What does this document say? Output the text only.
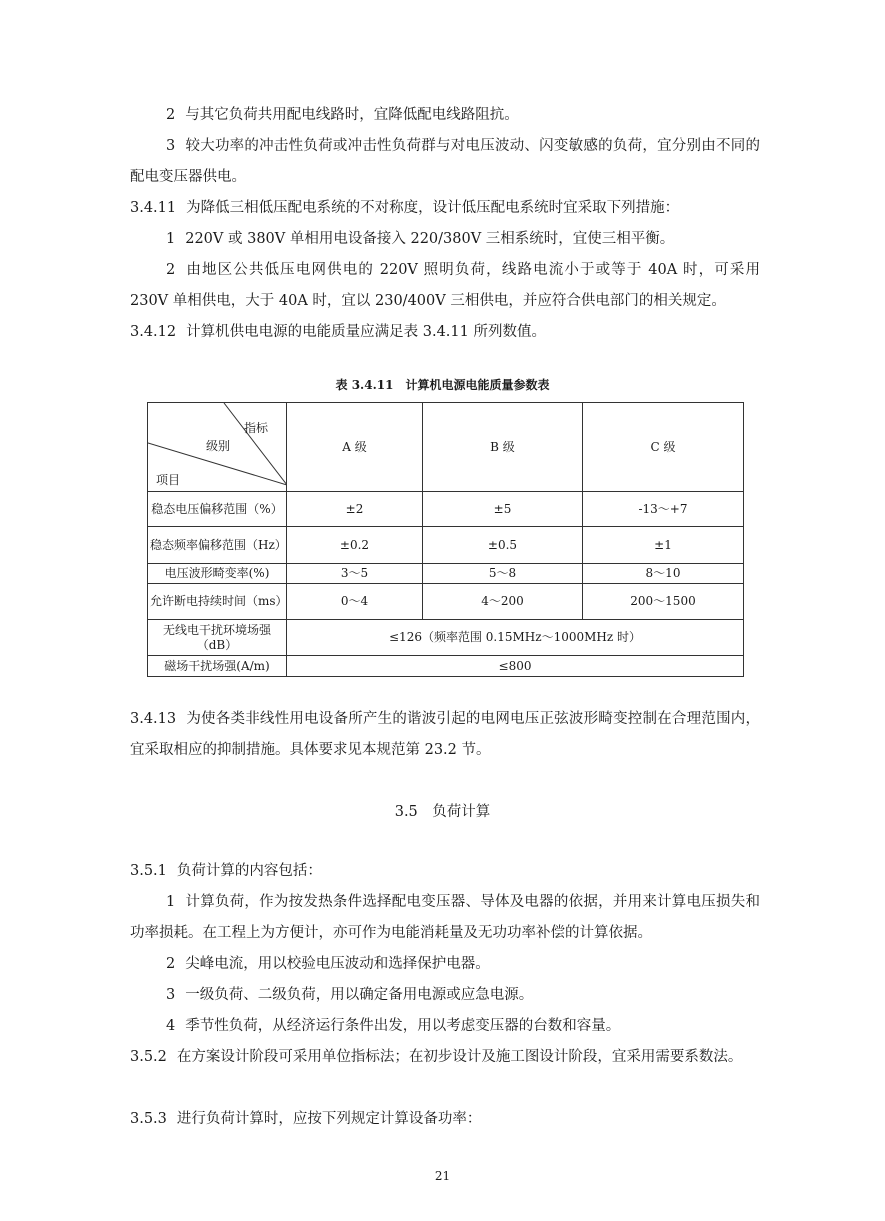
2 与其它负荷共用配电线路时，宜降低配电线路阻抗。

3 较大功率的冲击性负荷或冲击性负荷群与对电压波动、闪变敏感的负荷，宜分别由不同的配电变压器供电。

3.4.11 为降低三相低压配电系统的不对称度，设计低压配电系统时宜采取下列措施：

1 220V 或 380V 单相用电设备接入 220/380V 三相系统时，宜使三相平衡。

2 由地区公共低压电网供电的 220V 照明负荷，线路电流小于或等于 40A 时，可采用 230V 单相供电，大于 40A 时，宜以 230/400V 三相供电，并应符合供电部门的相关规定。

3.4.12 计算机供电电源的电能质量应满足表 3.4.11 所列数值。

表 3.4.11　计算机电源电能质量参数表
指标
级别
项目	A 级	B 级	C 级
稳态电压偏移范围（%）	±2	±5	-13～+7
稳态频率偏移范围（Hz）	±0.2	±0.5	±1
电压波形畸变率(%)	3～5	5～8	8～10
允许断电持续时间（ms）	0～4	4～200	200～1500
无线电干扰环境场强（dB）	≤126（频率范围 0.15MHz～1000MHz 时）		
磁场干扰场强(A/m)	≤800		

3.4.13 为使各类非线性用电设备所产生的谐波引起的电网电压正弦波形畸变控制在合理范围内，宜采取相应的抑制措施。具体要求见本规范第 23.2 节。

3.5　负荷计算

3.5.1 负荷计算的内容包括：

1 计算负荷，作为按发热条件选择配电变压器、导体及电器的依据，并用来计算电压损失和功率损耗。在工程上为方便计，亦可作为电能消耗量及无功功率补偿的计算依据。

2 尖峰电流，用以校验电压波动和选择保护电器。

3 一级负荷、二级负荷，用以确定备用电源或应急电源。

4 季节性负荷，从经济运行条件出发，用以考虑变压器的台数和容量。

3.5.2 在方案设计阶段可采用单位指标法；在初步设计及施工图设计阶段，宜采用需要系数法。

3.5.3 进行负荷计算时，应按下列规定计算设备功率：

21
